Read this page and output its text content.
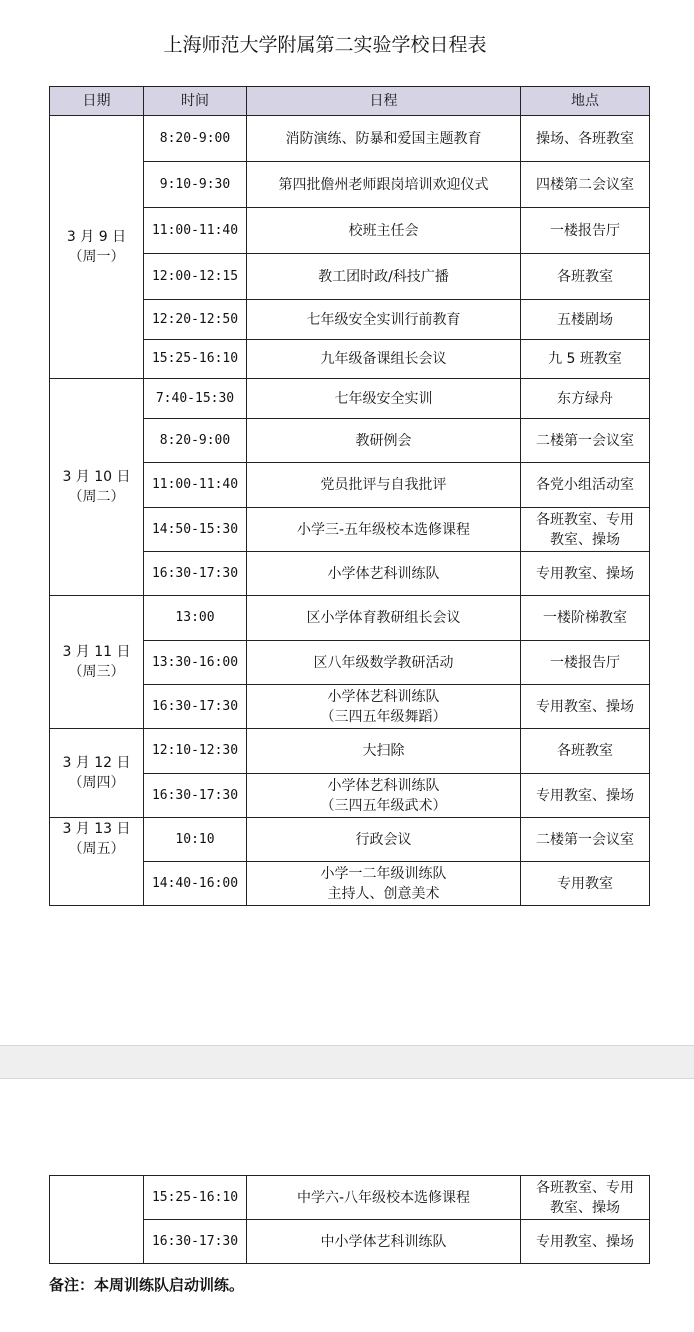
上海师范大学附属第二实验学校日程表
日期	时间	日程	地点

3 月 9 日
（周一）	8:20-9:00	消防演练、防暴和爱国主题教育	操场、各班教室
	9:10-9:30	第四批儋州老师跟岗培训欢迎仪式	四楼第二会议室
	11:00-11:40	校班主任会	一楼报告厅
	12:00-12:15	教工团时政/科技广播	各班教室
	12:20-12:50	七年级安全实训行前教育	五楼剧场
	15:25-16:10	九年级备课组长会议	九 5 班教室

3 月 10 日
（周二）	7:40-15:30	七年级安全实训	东方绿舟
	8:20-9:00	教研例会	二楼第一会议室
	11:00-11:40	党员批评与自我批评	各党小组活动室
	14:50-15:30	小学三-五年级校本选修课程	各班教室、专用
教室、操场

	16:30-17:30	小学体艺科训练队	专用教室、操场

3 月 11 日
（周三）	13:00	区小学体育教研组长会议	一楼阶梯教室
	13:30-16:00	区八年级数学教研活动	一楼报告厅
	16:30-17:30	小学体艺科训练队
（三四五年级舞蹈）	专用教室、操场

3 月 12 日
（周四）	12:10-12:30	大扫除	各班教室
	16:30-17:30	小学体艺科训练队
（三四五年级武术）	专用教室、操场

3 月 13 日
（周五）	10:10	行政会议	二楼第一会议室
	14:40-16:00	小学一二年级训练队
主持人、创意美术	专用教室
	15:25-16:10	中学六-八年级校本选修课程	各班教室、专用
教室、操场

	16:30-17:30	中小学体艺科训练队	专用教室、操场
备注：本周训练队启动训练。
